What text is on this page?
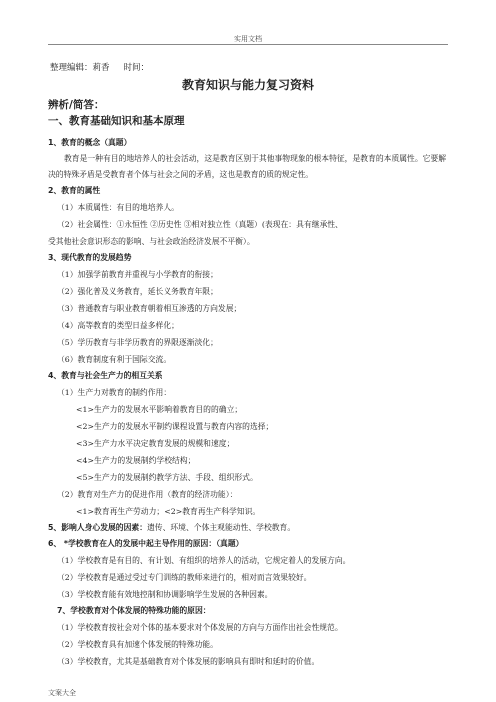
实用文档
整理编辑：莉香 时间：
教育知识与能力复习资料
辨析/简答：
一、教育基础知识和基本原理
1、教育的概念（真题）
教育是一种有目的地培养人的社会活动，这是教育区别于其他事物现象的根本特征，是教育的本质属性。它要解决的特殊矛盾是受教育者个体与社会之间的矛盾，这也是教育的质的规定性。
2、教育的属性
（1）本质属性：有目的地培养人。
（2）社会属性：①永恒性 ②历史性 ③相对独立性（真题）(表现在：具有继承性、
受其他社会意识形态的影响、与社会政治经济发展不平衡）。
3、现代教育的发展趋势
（1）加强学前教育并重视与小学教育的衔接；
（2）强化普及义务教育，延长义务教育年限；
（3）普通教育与职业教育朝着相互渗透的方向发展；
（4）高等教育的类型日益多样化；
（5）学历教育与非学历教育的界限逐渐淡化；
（6）教育制度有利于国际交流。
4、教育与社会生产力的相互关系
（1）生产力对教育的制约作用：
<1>生产力的发展水平影响着教育目的的确立；
<2>生产力的发展水平制约课程设置与教育内容的选择；
<3>生产力水平决定教育发展的规模和速度；
<4>生产力的发展制约学校结构；
<5>生产力的发展制约教学方法、手段、组织形式。
（2）教育对生产力的促进作用（教育的经济功能）：
<1>教育再生产劳动力；<2>教育再生产科学知识。
5、影响人身心发展的因素：遗传、环境、个体主观能动性、学校教育。
6、 *学校教育在人的发展中起主导作用的原因：（真题）
（1）学校教育是有目的、有计划、有组织的培养人的活动，它规定着人的发展方向。
（2）学校教育是通过受过专门训练的教师来进行的，相对而言效果较好。
（3）学校教育能有效地控制和协调影响学生发展的各种因素。
7、学校教育对个体发展的特殊功能的原因：
（1）学校教育按社会对个体的基本要求对个体发展的方向与方面作出社会性规范。
（2）学校教育具有加速个体发展的特殊功能。
（3）学校教育，尤其是基础教育对个体发展的影响具有即时和延时的价值。
文案大全
